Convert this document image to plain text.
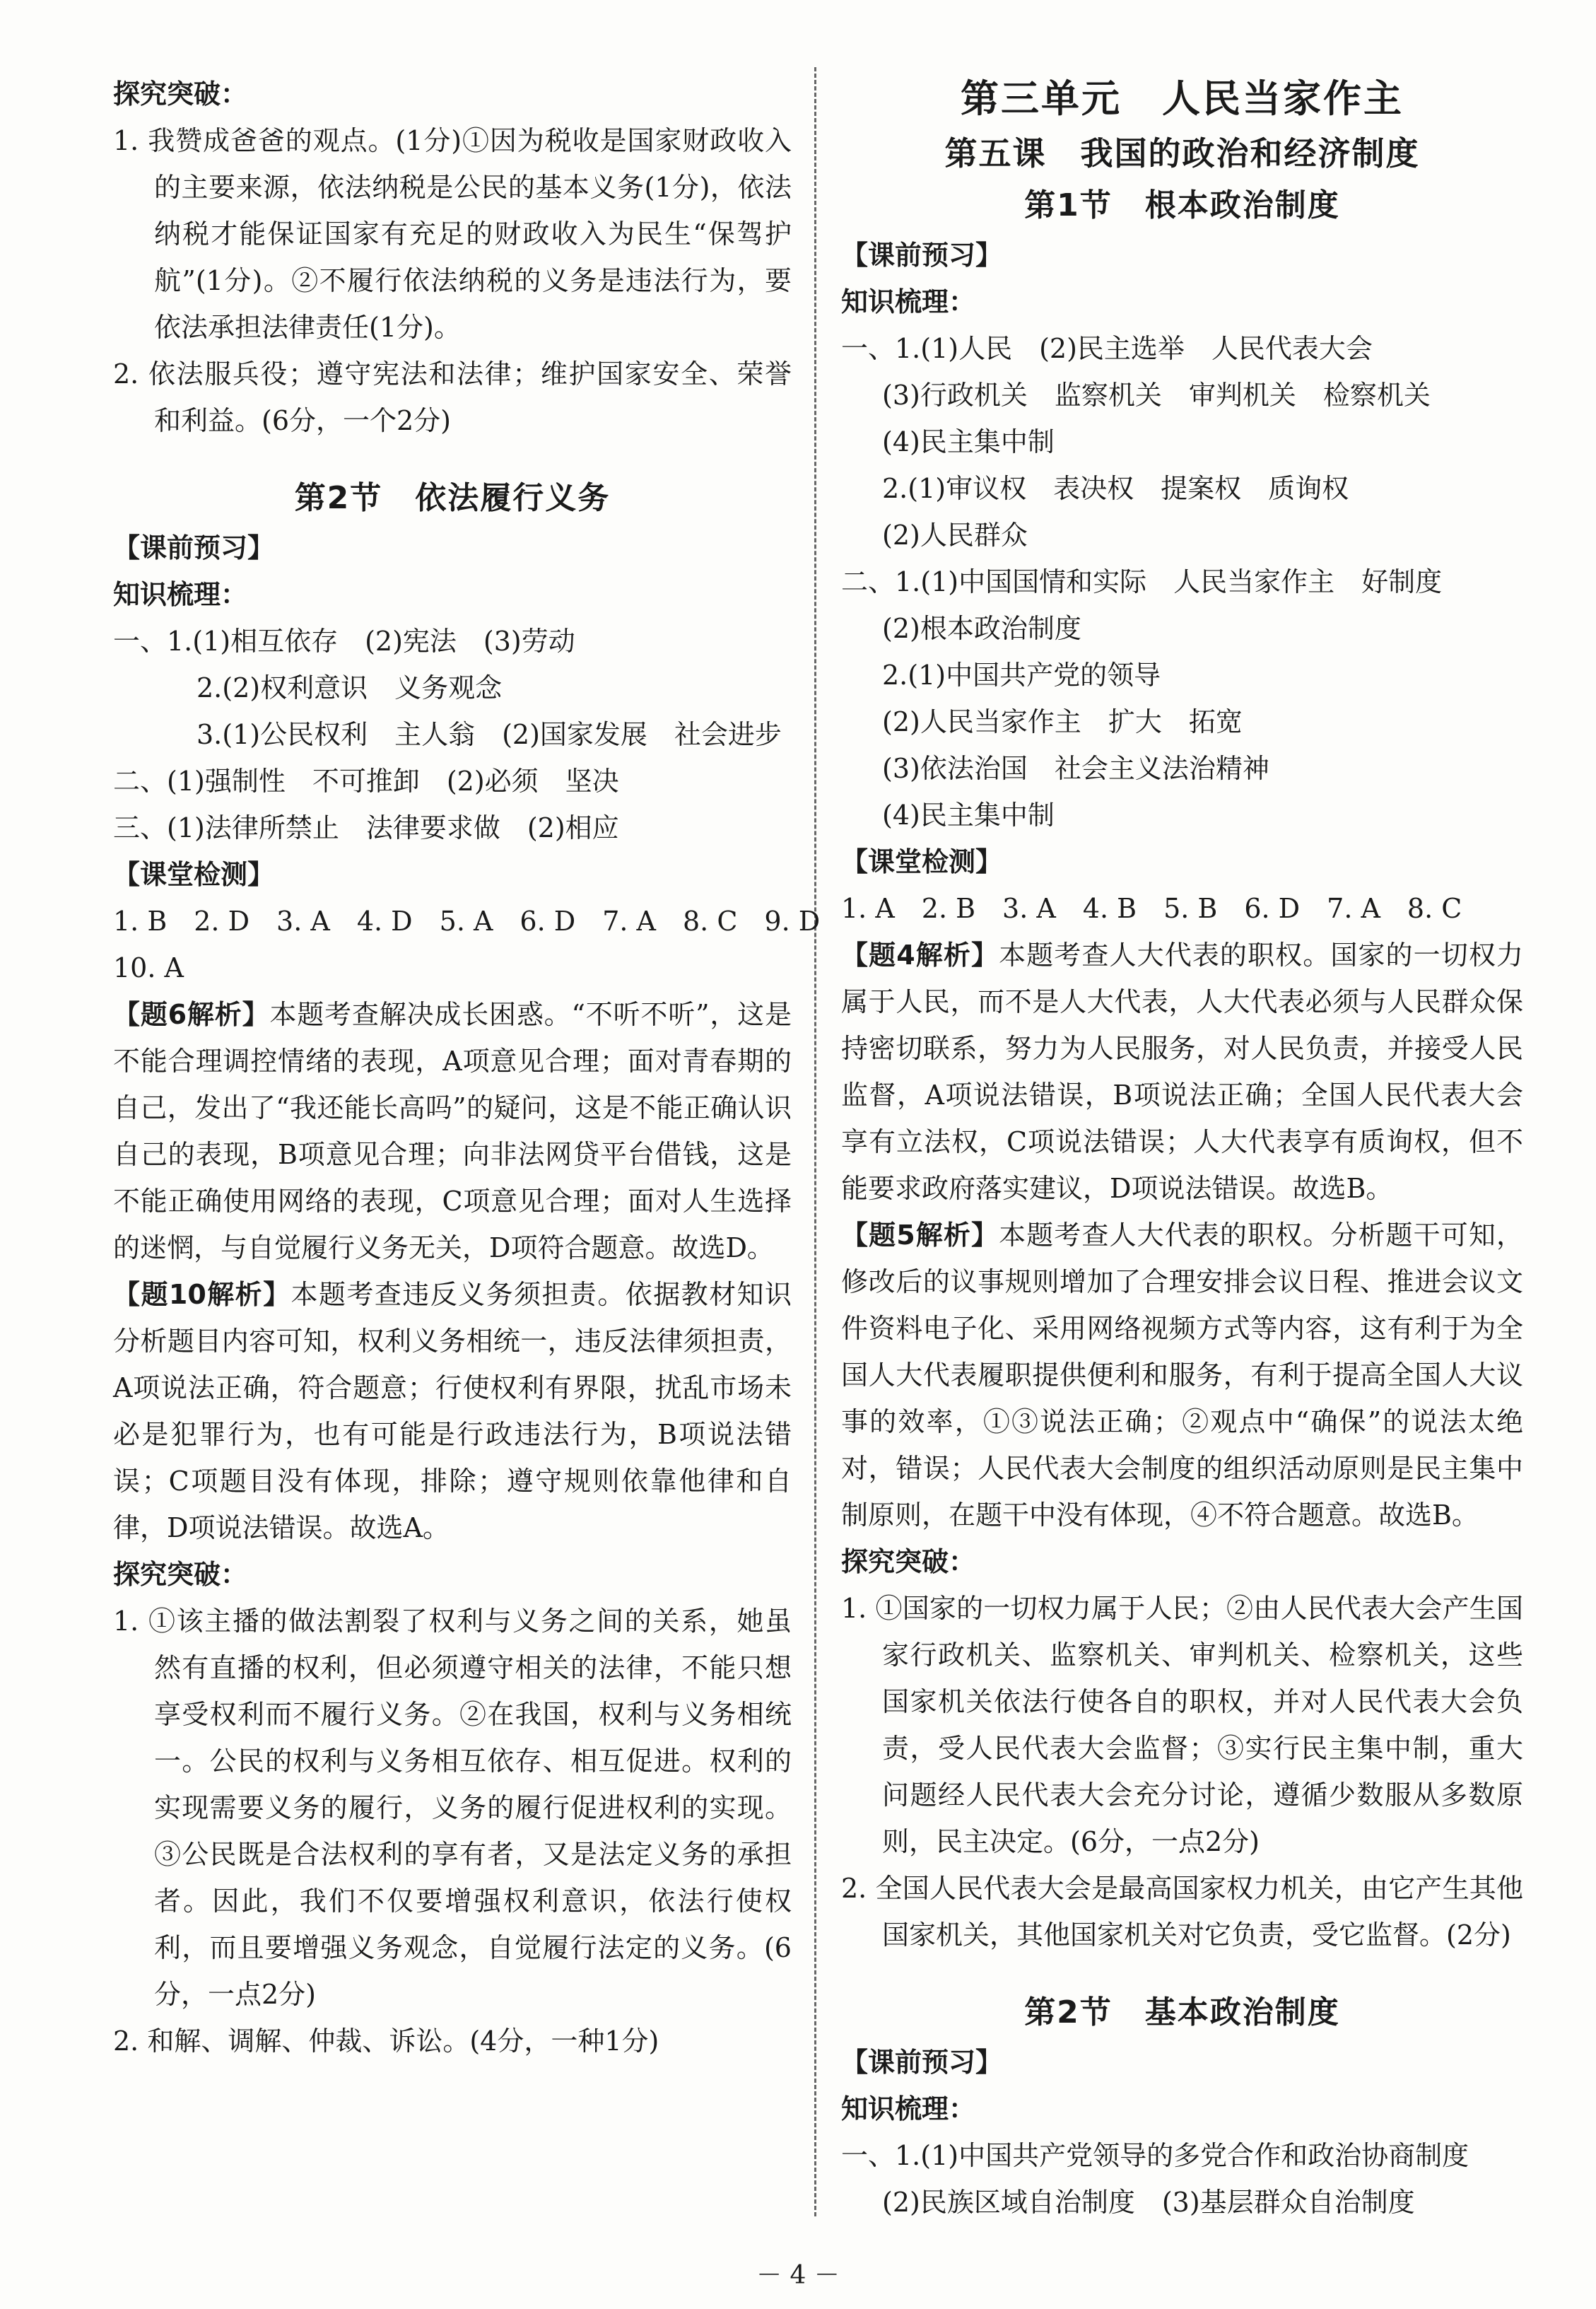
探究突破：
1. 我赞成爸爸的观点。(1分)①因为税收是国家财政收入的主要来源，依法纳税是公民的基本义务(1分)，依法纳税才能保证国家有充足的财政收入为民生“保驾护航”(1分)。②不履行依法纳税的义务是违法行为，要依法承担法律责任(1分)。
2. 依法服兵役；遵守宪法和法律；维护国家安全、荣誉和利益。(6分，一个2分)
第2节　依法履行义务
【课前预习】
知识梳理：
一、1.(1)相互依存　(2)宪法　(3)劳动
2.(2)权利意识　义务观念
3.(1)公民权利　主人翁　(2)国家发展　社会进步
二、(1)强制性　不可推卸　(2)必须　坚决
三、(1)法律所禁止　法律要求做　(2)相应
【课堂检测】
1. B　2. D　3. A　4. D　5. A　6. D　7. A　8. C　9. D
10. A
【题6解析】本题考查解决成长困惑。“不听不听”，这是不能合理调控情绪的表现，A项意见合理；面对青春期的自己，发出了“我还能长高吗”的疑问，这是不能正确认识自己的表现，B项意见合理；向非法网贷平台借钱，这是不能正确使用网络的表现，C项意见合理；面对人生选择的迷惘，与自觉履行义务无关，D项符合题意。故选D。
【题10解析】本题考查违反义务须担责。依据教材知识分析题目内容可知，权利义务相统一，违反法律须担责，A项说法正确，符合题意；行使权利有界限，扰乱市场未必是犯罪行为，也有可能是行政违法行为，B项说法错误；C项题目没有体现，排除；遵守规则依靠他律和自律，D项说法错误。故选A。
探究突破：
1. ①该主播的做法割裂了权利与义务之间的关系，她虽然有直播的权利，但必须遵守相关的法律，不能只想享受权利而不履行义务。②在我国，权利与义务相统一。公民的权利与义务相互依存、相互促进。权利的实现需要义务的履行，义务的履行促进权利的实现。③公民既是合法权利的享有者，又是法定义务的承担者。因此，我们不仅要增强权利意识，依法行使权利，而且要增强义务观念，自觉履行法定的义务。(6分，一点2分)
2. 和解、调解、仲裁、诉讼。(4分，一种1分)
第三单元　人民当家作主
第五课　我国的政治和经济制度
第1节　根本政治制度
【课前预习】
知识梳理：
一、1.(1)人民　(2)民主选举　人民代表大会
(3)行政机关　监察机关　审判机关　检察机关
(4)民主集中制
2.(1)审议权　表决权　提案权　质询权
(2)人民群众
二、1.(1)中国国情和实际　人民当家作主　好制度
(2)根本政治制度
2.(1)中国共产党的领导
(2)人民当家作主　扩大　拓宽
(3)依法治国　社会主义法治精神
(4)民主集中制
【课堂检测】
1. A　2. B　3. A　4. B　5. B　6. D　7. A　8. C
【题4解析】本题考查人大代表的职权。国家的一切权力属于人民，而不是人大代表，人大代表必须与人民群众保持密切联系，努力为人民服务，对人民负责，并接受人民监督，A项说法错误，B项说法正确；全国人民代表大会享有立法权，C项说法错误；人大代表享有质询权，但不能要求政府落实建议，D项说法错误。故选B。
【题5解析】本题考查人大代表的职权。分析题干可知，修改后的议事规则增加了合理安排会议日程、推进会议文件资料电子化、采用网络视频方式等内容，这有利于为全国人大代表履职提供便利和服务，有利于提高全国人大议事的效率，①③说法正确；②观点中“确保”的说法太绝对，错误；人民代表大会制度的组织活动原则是民主集中制原则，在题干中没有体现，④不符合题意。故选B。
探究突破：
1. ①国家的一切权力属于人民；②由人民代表大会产生国家行政机关、监察机关、审判机关、检察机关，这些国家机关依法行使各自的职权，并对人民代表大会负责，受人民代表大会监督；③实行民主集中制，重大问题经人民代表大会充分讨论，遵循少数服从多数原则，民主决定。(6分，一点2分)
2. 全国人民代表大会是最高国家权力机关，由它产生其他国家机关，其他国家机关对它负责，受它监督。(2分)
第2节　基本政治制度
【课前预习】
知识梳理：
一、1.(1)中国共产党领导的多党合作和政治协商制度
(2)民族区域自治制度　(3)基层群众自治制度
－ 4 －
